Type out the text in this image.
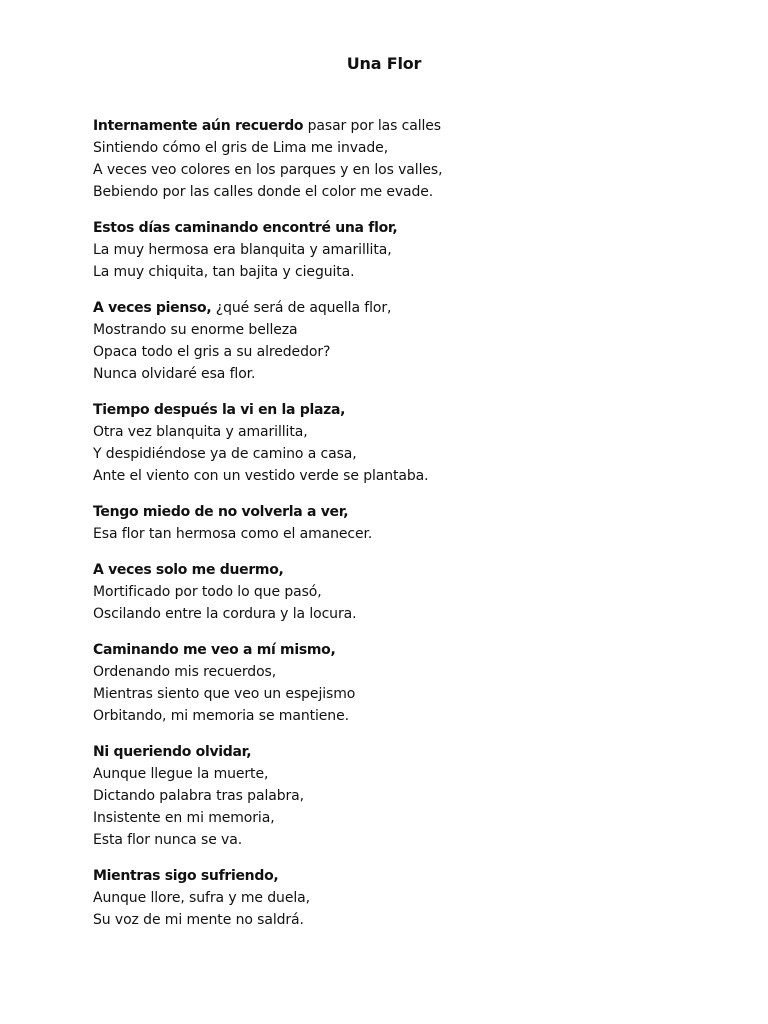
Una Flor
Internamente aún recuerdo pasar por las calles
Sintiendo cómo el gris de Lima me invade,
A veces veo colores en los parques y en los valles,
Bebiendo por las calles donde el color me evade.
Estos días caminando encontré una flor,
La muy hermosa era blanquita y amarillita,
La muy chiquita, tan bajita y cieguita.
A veces pienso, ¿qué será de aquella flor,
Mostrando su enorme belleza
Opaca todo el gris a su alrededor?
Nunca olvidaré esa flor.
Tiempo después la vi en la plaza,
Otra vez blanquita y amarillita,
Y despidiéndose ya de camino a casa,
Ante el viento con un vestido verde se plantaba.
Tengo miedo de no volverla a ver,
Esa flor tan hermosa como el amanecer.
A veces solo me duermo,
Mortificado por todo lo que pasó,
Oscilando entre la cordura y la locura.
Caminando me veo a mí mismo,
Ordenando mis recuerdos,
Mientras siento que veo un espejismo
Orbitando, mi memoria se mantiene.
Ni queriendo olvidar,
Aunque llegue la muerte,
Dictando palabra tras palabra,
Insistente en mi memoria,
Esta flor nunca se va.
Mientras sigo sufriendo,
Aunque llore, sufra y me duela,
Su voz de mi mente no saldrá.
